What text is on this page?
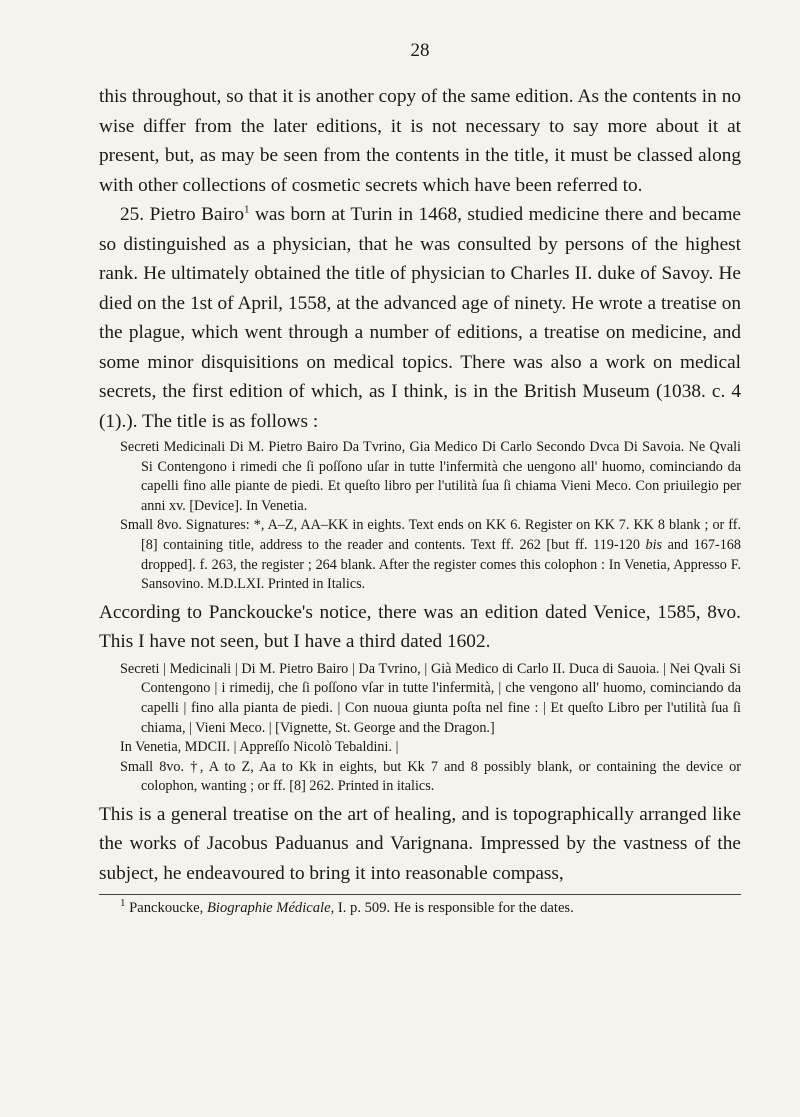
28

this throughout, so that it is another copy of the same edition. As the contents in no wise differ from the later editions, it is not necessary to say more about it at present, but, as may be seen from the contents in the title, it must be classed along with other collections of cosmetic secrets which have been referred to.

25. Pietro Bairo$^1$ was born at Turin in 1468, studied medicine there and became so distinguished as a physician, that he was consulted by persons of the highest rank. He ultimately obtained the title of physician to Charles II. duke of Savoy. He died on the 1st of April, 1558, at the advanced age of ninety. He wrote a treatise on the plague, which went through a number of editions, a treatise on medicine, and some minor disquisitions on medical topics. There was also a work on medical secrets, the first edition of which, as I think, is in the British Museum (1038. c. 4 (1).). The title is as follows :

Secreti Medicinali Di M. Pietro Bairo Da Tvrino, Gia Medico Di Carlo Secondo Dvca Di Savoia. Ne Qvali Si Contengono i rimedi che ſi poſſono uſar in tutte l'infermità che uengono all' huomo, cominciando da capelli fino alle piante de piedi. Et queſto libro per l'utilità ſua ſi chiama Vieni Meco. Con priuilegio per anni xv. [Device]. In Venetia.

Small 8vo. Signatures: *, A–Z, AA–KK in eights. Text ends on KK 6. Register on KK 7. KK 8 blank ; or ff. [8] containing title, address to the reader and contents. Text ff. 262 [but ff. 119-120 bis and 167-168 dropped]. f. 263, the register ; 264 blank. After the register comes this colophon : In Venetia, Appresso F. Sansovino. M.D.LXI. Printed in Italics.

According to Panckoucke's notice, there was an edition dated Venice, 1585, 8vo. This I have not seen, but I have a third dated 1602.

Secreti | Medicinali | Di M. Pietro Bairo | Da Tvrino, | Già Medico di Carlo II. Duca di Sauoia. | Nei Qvali Si Contengono | i rimedij, che ſi poſſono vſar in tutte l'infermità, | che vengono all' huomo, cominciando da capelli | fino alla pianta de piedi. | Con nuoua giunta poſta nel fine : | Et queſto Libro per l'utilità ſua ſi chiama, | Vieni Meco. | [Vignette, St. George and the Dragon.]

In Venetia, MDCII. | Appreſſo Nicolò Tebaldini. |

Small 8vo. †, A to Z, Aa to Kk in eights, but Kk 7 and 8 possibly blank, or containing the device or colophon, wanting ; or ff. [8] 262. Printed in italics.

This is a general treatise on the art of healing, and is topographically arranged like the works of Jacobus Paduanus and Varignana. Impressed by the vastness of the subject, he endeavoured to bring it into reasonable compass,

$^1$ Panckoucke, Biographie Médicale, I. p. 509. He is responsible for the dates.
